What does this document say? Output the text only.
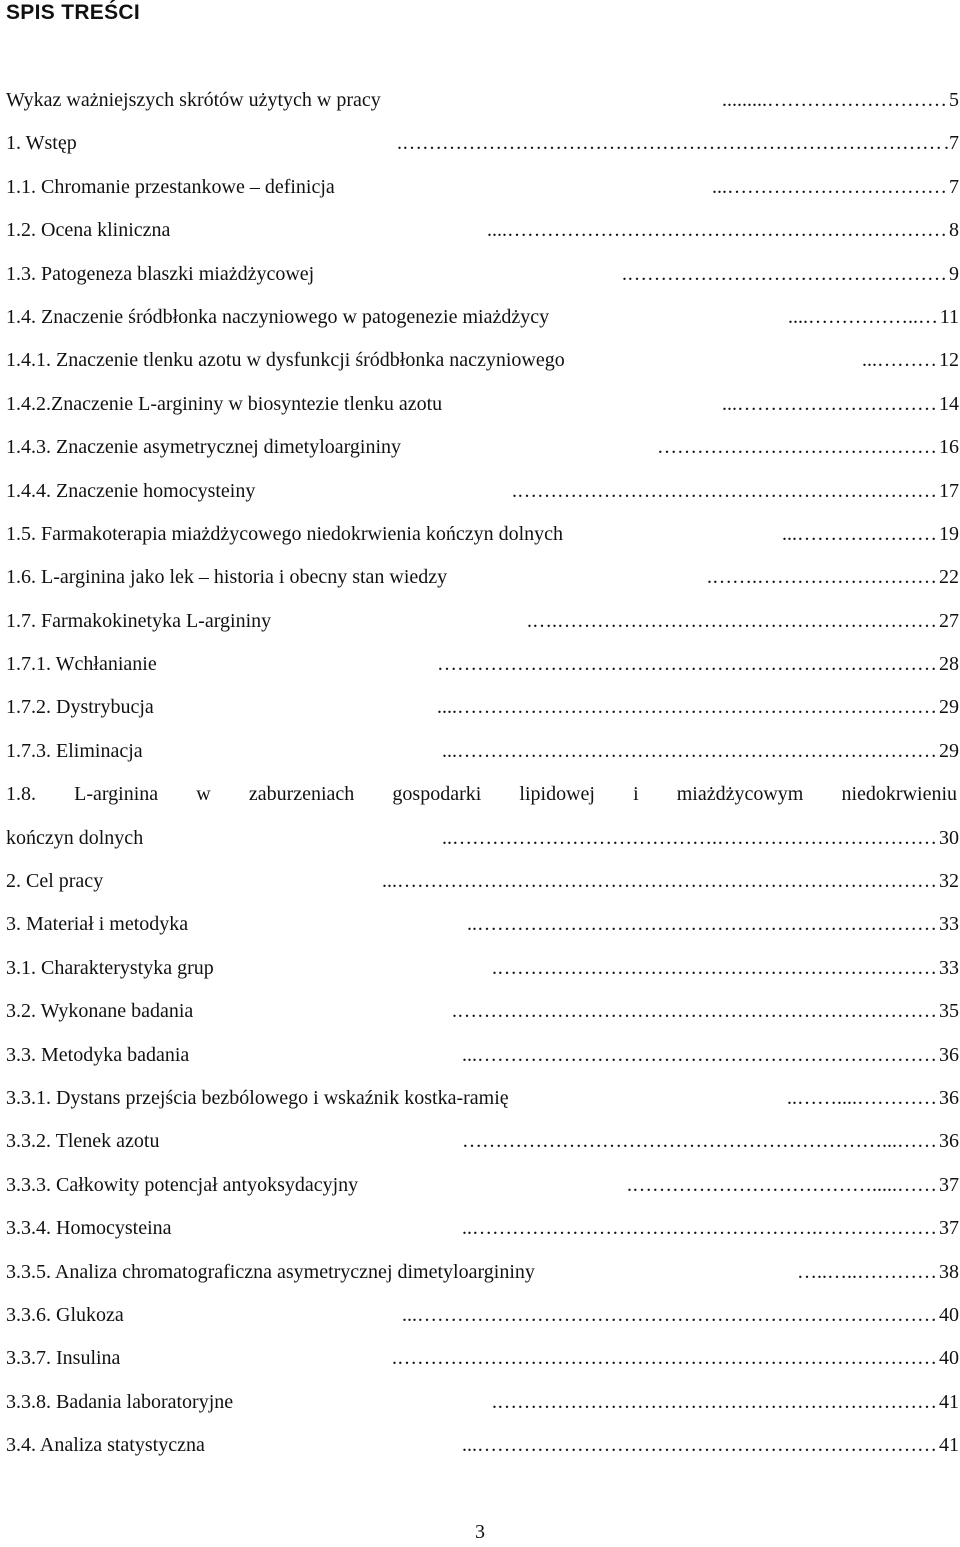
SPIS TREŚCI
Wykaz ważniejszych skrótów użytych w pracy	………………………......... 5
1. Wstęp	………………………………………………………………………. .7
1.1. Chromanie przestankowe – definicja	……………………………... 7
1.2. Ocena kliniczna	………………………………………………………….... 8
1.3. Patogeneza blaszki miażdżycowej	…………………………………………. 9
1.4. Znaczenie śródbłonka naczyniowego w patogenezie miażdżycy	…..…………….... 11
1.4.1. Znaczenie tlenku azotu w dysfunkcji śródbłonka naczyniowego	………... 12
1.4.2.Znaczenie L-argininy w biosyntezie tlenku azotu	…………………………... 14
1.4.3. Znaczenie asymetrycznej dimetyloargininy	…………………………………… 16
1.4.4. Znaczenie homocysteiny	………………………………………………………. 17
1.5. Farmakoterapia miażdżycowego niedokrwienia kończyn dolnych	…………………... 19
1.6. L-arginina jako lek – historia i obecny stan wiedzy	……………………….……. 22
1.7. Farmakokinetyka L-argininy	………………………………………………….…. 27
1.7.1. Wchłanianie	………………………………………………………………… 28
1.7.2. Dystrybucja	……………………………………………………………….... 29
1.7.3. Eliminacja	………………………………………………………………... 29
1.8. L-arginina w zaburzeniach gospodarki lipidowej i miażdżycowym niedokrwieniu
kończyn dolnych	…………………………….………………………………….. 30
2. Cel pracy	………………………………………………………………………... 32
3. Materiał i metodyka	…………………………………………………………….. 33
3.1. Charakterystyka grup	…………………………………………………………. 33
3.2. Wykonane badania	………………………………………………………………. 35
3.3. Metodyka badania	……………………………………………………………... 36
3.3.1. Dystans przejścia bezbólowego i wskaźnik kostka-ramię	…………....…….. 36
3.3.2. Tlenek azotu	……...……………………………………………………… 36
3.3.3. Całkowity potencjał antyoksydacyjny	…….....………………………………. 37
3.3.4. Homocysteina	……………….…………………………………………….. 37
3.3.5. Analiza chromatograficzna asymetrycznej dimetyloargininy	…………..…..… 38
3.3.6. Glukoza	……………………………………………………………………... 40
3.3.7. Insulina	………………………………………………………………………. 40
3.3.8. Badania laboratoryjne	…………………………………………………………. 41
3.4. Analiza statystyczna	……………………………………………………………... 41
3
